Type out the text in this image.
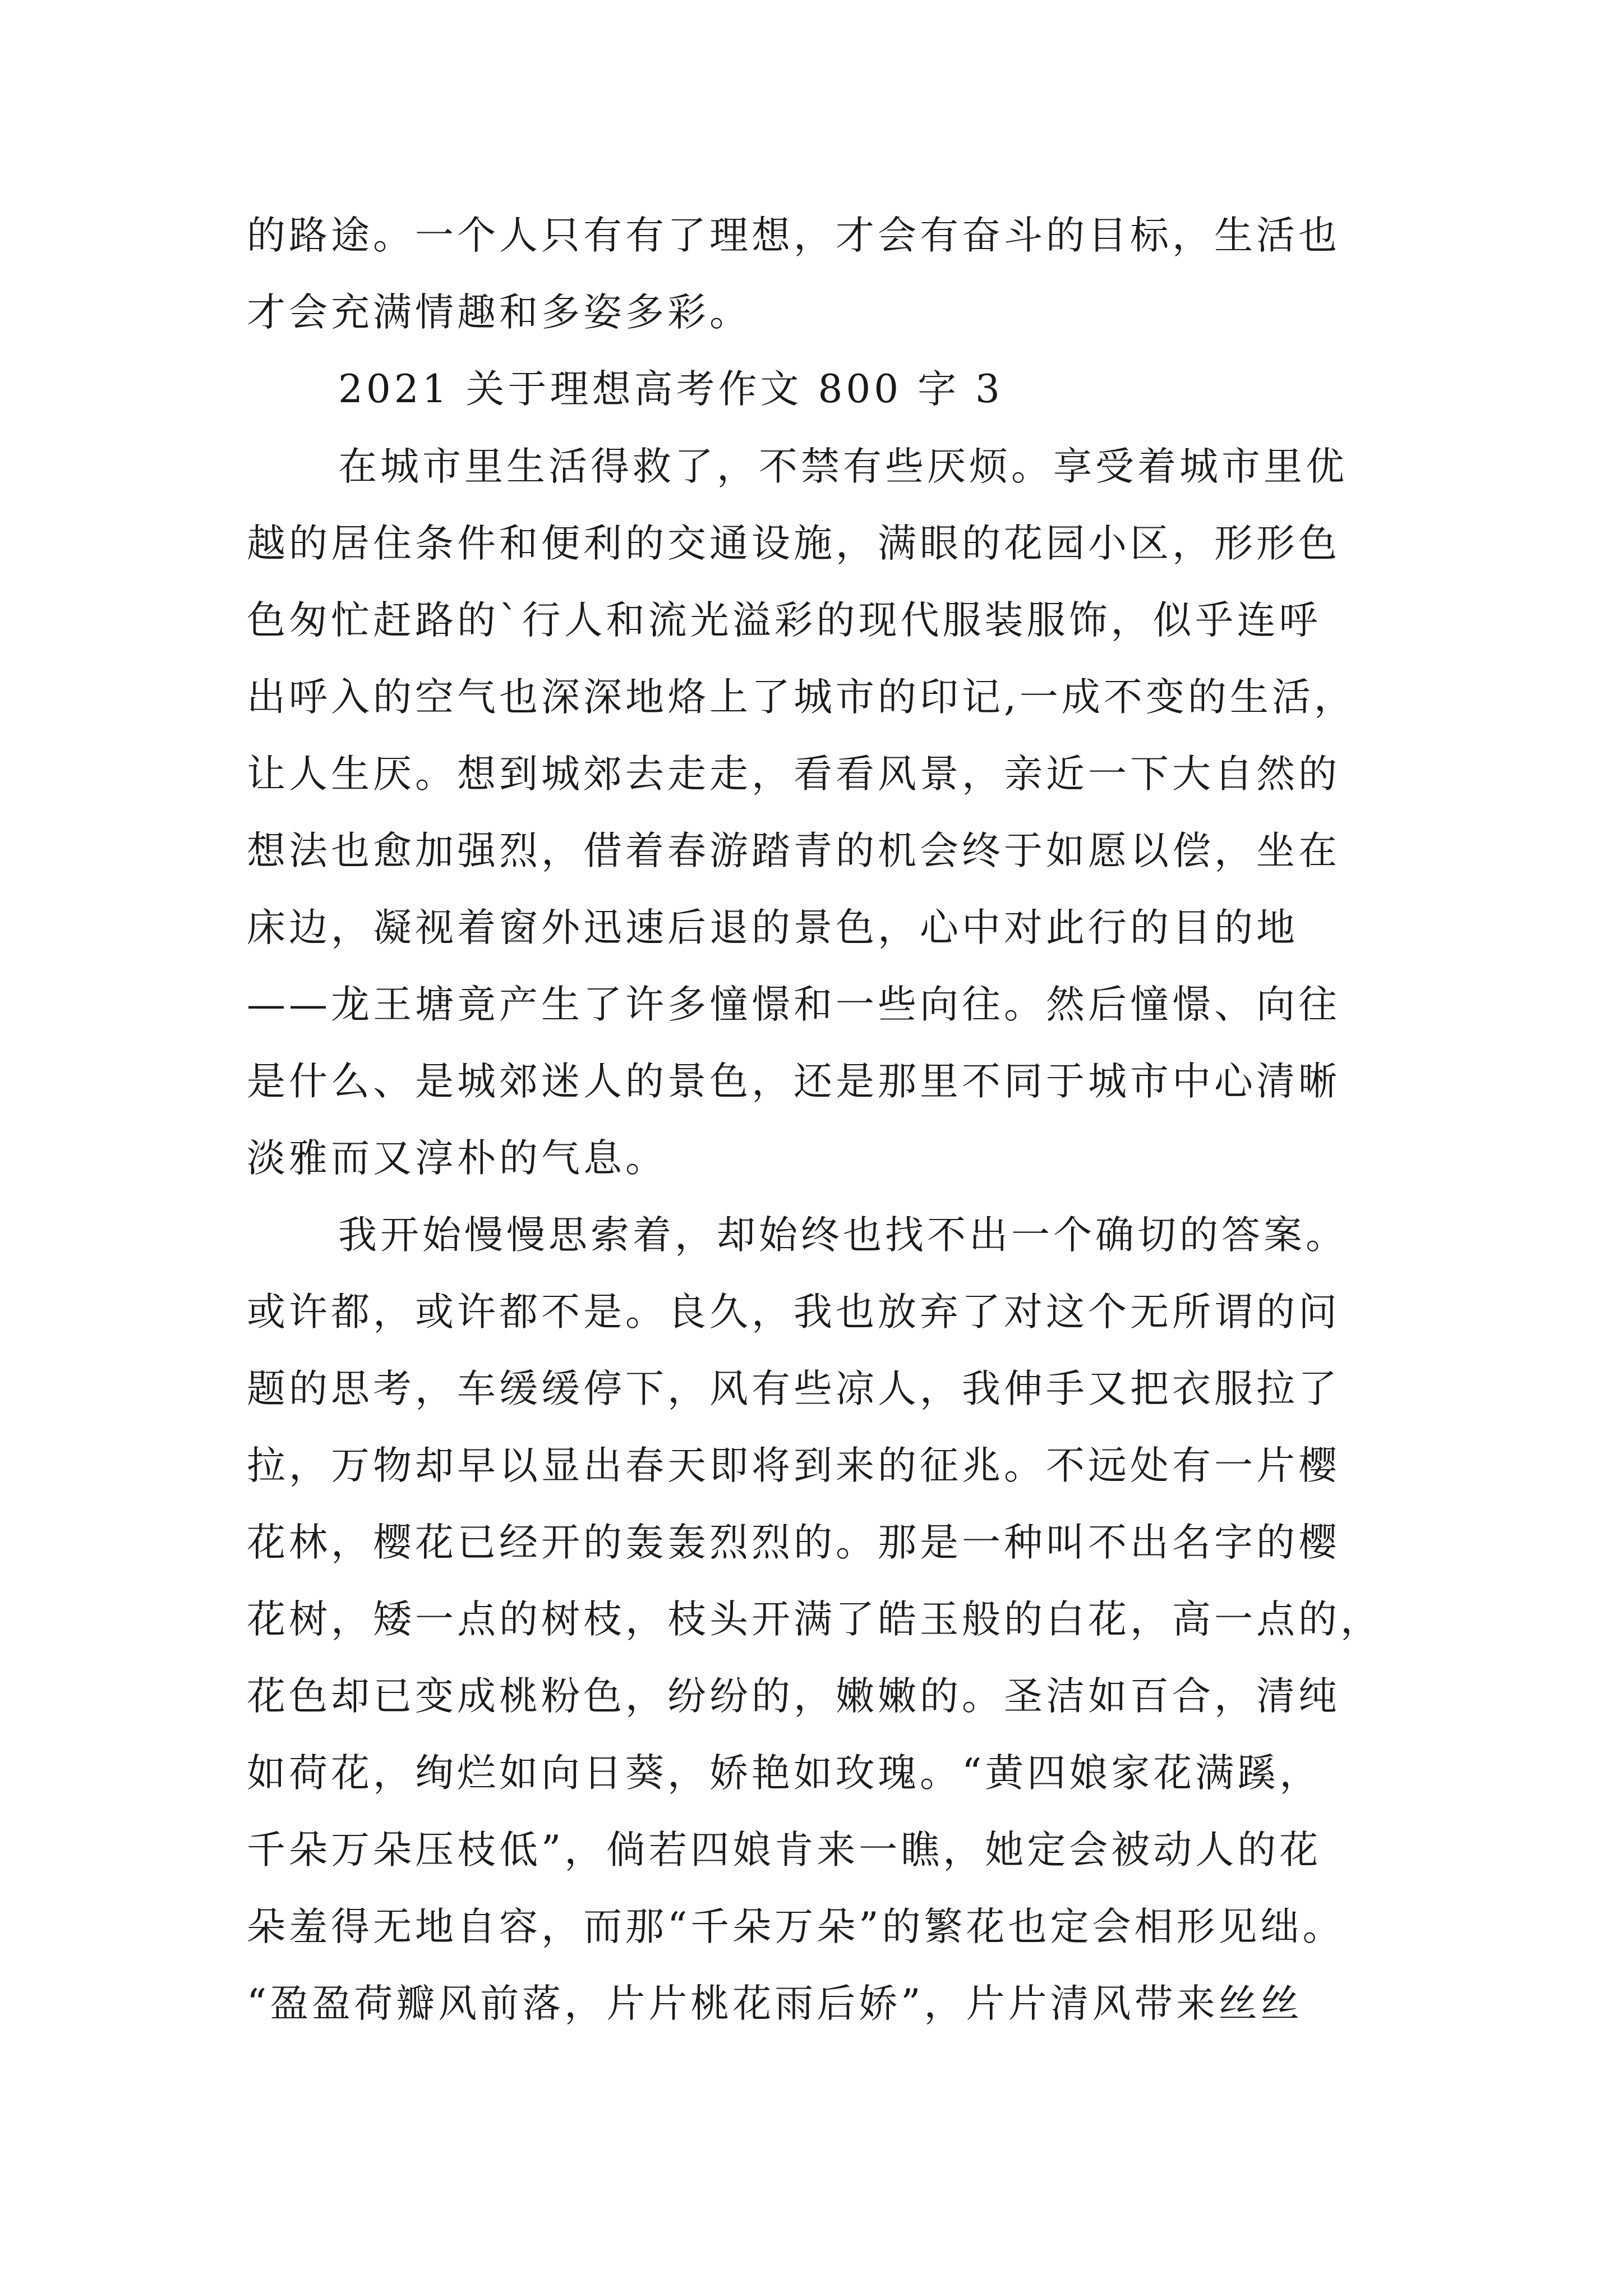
的路途。一个人只有有了理想，才会有奋斗的目标，生活也
才会充满情趣和多姿多彩。
2021 关于理想高考作文 800 字 3
在城市里生活得救了，不禁有些厌烦。享受着城市里优
越的居住条件和便利的交通设施，满眼的花园小区，形形色
色匆忙赶路的`行人和流光溢彩的现代服装服饰，似乎连呼
出呼入的空气也深深地烙上了城市的印记,一成不变的生活，
让人生厌。想到城郊去走走，看看风景，亲近一下大自然的
想法也愈加强烈，借着春游踏青的机会终于如愿以偿，坐在
床边，凝视着窗外迅速后退的景色，心中对此行的目的地
——龙王塘竟产生了许多憧憬和一些向往。然后憧憬、向往
是什么、是城郊迷人的景色，还是那里不同于城市中心清晰
淡雅而又淳朴的气息。
我开始慢慢思索着，却始终也找不出一个确切的答案。
或许都，或许都不是。良久，我也放弃了对这个无所谓的问
题的思考，车缓缓停下，风有些凉人，我伸手又把衣服拉了
拉，万物却早以显出春天即将到来的征兆。不远处有一片樱
花林，樱花已经开的轰轰烈烈的。那是一种叫不出名字的樱
花树，矮一点的树枝，枝头开满了皓玉般的白花，高一点的，
花色却已变成桃粉色，纷纷的，嫩嫩的。圣洁如百合，清纯
如荷花，绚烂如向日葵，娇艳如玫瑰。“黄四娘家花满蹊，
千朵万朵压枝低”，倘若四娘肯来一瞧，她定会被动人的花
朵羞得无地自容，而那“千朵万朵”的繁花也定会相形见绌。
“盈盈荷瓣风前落，片片桃花雨后娇”，片片清风带来丝丝
